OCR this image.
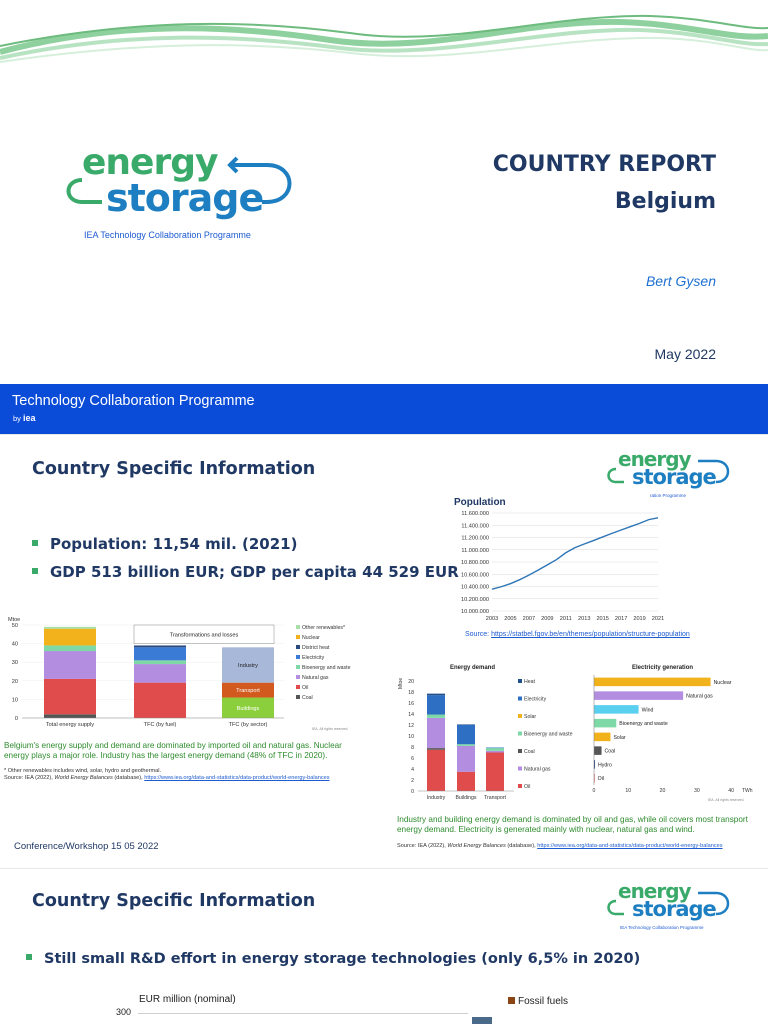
energy
storage
IEA Technology Collaboration Programme
COUNTRY REPORT
Belgium
Bert Gysen
May 2022
Technology Collaboration Programme
by iea
Country Specific Information	energy
storage
ration Programme
Population: 11,54 mil. (2021)
GDP 513 billion EUR; GDP per capita 44 529 EUR
Population
10.000.000
10.200.000
10.400.000
10.600.000
10.800.000
11.000.000
11.200.000
11.400.000
11.600.000
2003 2005 2007 2009 2011 2013 2015 2017 2019 2021
Source: https://statbel.fgov.be/en/themes/population/structure-population
Mtoe
0
10
20
30
40
50
Buildings
Transport
Industry
Total energy supply	TFC (by fuel)	TFC (by sector)
Transformations and losses
Other renewables*
Nuclear
District heat
Electricity
Bioenergy and waste
Natural gas
Oil
Coal
IEA. All rights reserved.
Belgium's energy supply and demand are dominated by imported oil and natural gas. Nuclear energy plays a major role. Industry has the largest energy demand (48% of TFC in 2020).
* Other renewables includes wind, solar, hydro and geothermal.
Source: IEA (2022), World Energy Balances (database), https://www.iea.org/data-and-statistics/data-product/world-energy-balances
Energy demand
Mtoe
0
2
4
6
8
10
12
14
16
18
20
Industry Buildings Transport
Heat
Electricity
Solar
Bioenergy and waste
Coal
Natural gas
Oil
Electricity generation
Nuclear
Natural gas
Wind
Bioenergy and waste
Solar
Coal
Hydro
Oil
0	10	20	30	40 TWh
IEA. All rights reserved.
Industry and building energy demand is dominated by oil and gas, while oil covers most transport energy demand. Electricity is generated mainly with nuclear, natural gas and wind.
Source: IEA (2022), World Energy Balances (database), https://www.iea.org/data-and-statistics/data-product/world-energy-balances
Conference/Workshop 15 05 2022
Country Specific Information	energy
storage
IEA Technology Collaboration Programme
Still small R&D effort in energy storage technologies (only 6,5% in 2020)
EUR million (nominal)
300
Fossil fuels
